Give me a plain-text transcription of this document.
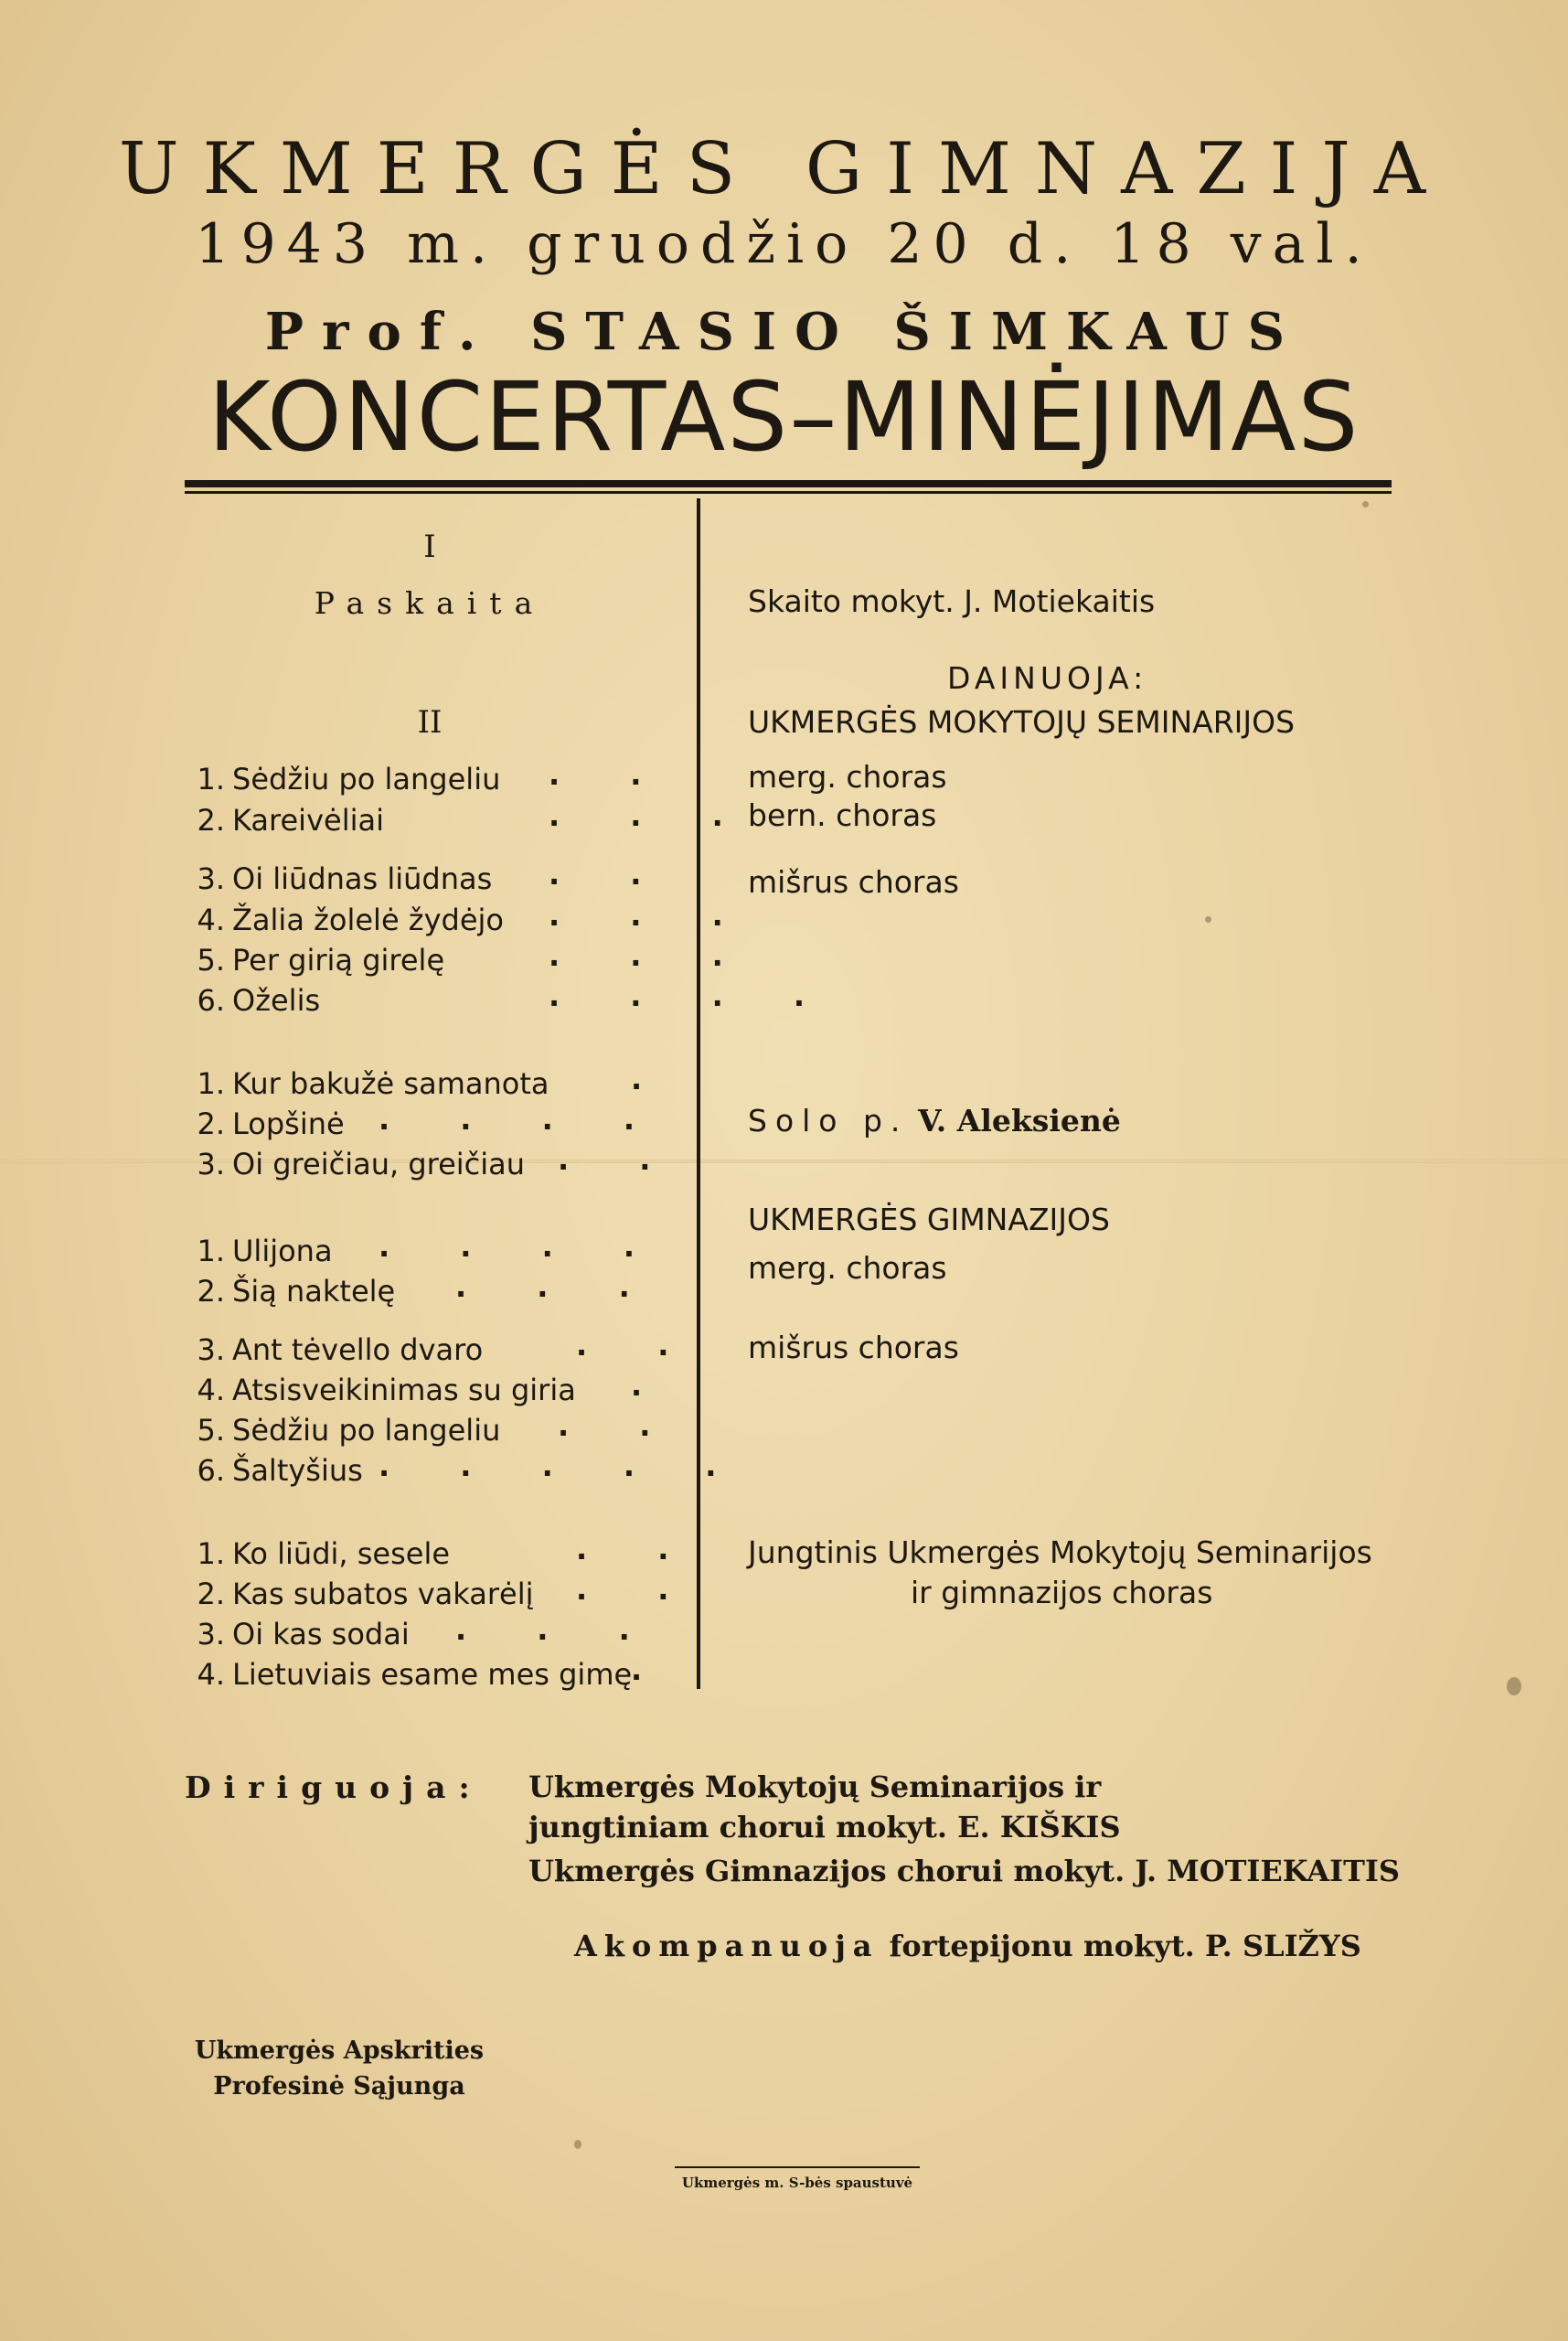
UKMERGĖS GIMNAZIJA
1943 m. gruodžio 20 d. 18 val.
Prof. STASIO ŠIMKAUS
KONCERTAS–MINĖJIMAS
I
Paskaita	Skaito mokyt. J. Motiekaitis
II
DAINUOJA:
UKMERGĖS MOKYTOJŲ SEMINARIJOS
1. Sėdžiu po langeliu
2. Kareivėliai
merg. choras
bern. choras
3. Oi liūdnas liūdnas
4. Žalia žolelė žydėjo
5. Per girią girelę
6. Oželis
mišrus choras
1. Kur bakužė samanota
2. Lopšinė
3. Oi greičiau, greičiau
Solo p. V. Aleksienė
1. Ulijona
2. Šią naktelę
UKMERGĖS GIMNAZIJOS
merg. choras
3. Ant tėvello dvaro
4. Atsisveikinimas su giria
5. Sėdžiu po langeliu
6. Šaltyšius
mišrus choras
1. Ko liūdi, sesele
2. Kas subatos vakarėlį
3. Oi kas sodai
4. Lietuviais esame mes gimę
Jungtinis Ukmergės Mokytojų Seminarijos
ir gimnazijos choras
. .
. . .
. .
. . .
. . .
. . . .
.
. . . .
. .
. . . .
. . .
. .
.
. .
. . . . .
. .
. .
. . .
.
Diriguoja: Ukmergės Mokytojų Seminarijos ir
jungtiniam chorui mokyt. E. KIŠKIS
Ukmergės Gimnazijos chorui mokyt. J. MOTIEKAITIS
Akompanuoja fortepijonu mokyt. P. SLIŽYS
Ukmergės Apskrities
Profesinė Sąjunga
Ukmergės m. S-bės spaustuvė
